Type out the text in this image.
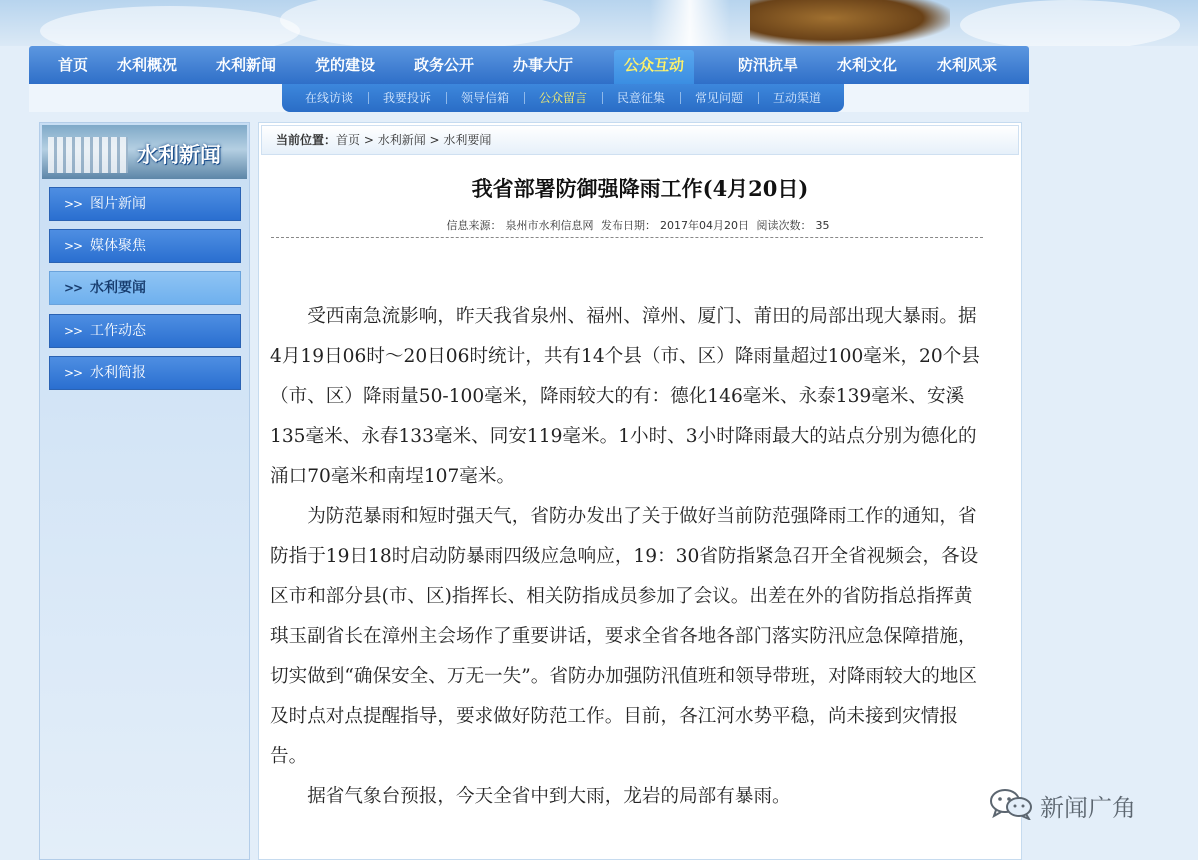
首页	水利概况	水利新闻	党的建设	政务公开	办事大厅	公众互动	防汛抗旱	水利文化	水利风采
在线访谈 我要投诉 领导信箱 公众留言 民意征集 常见问题 互动渠道
水利新闻
>> 图片新闻
>> 媒体聚焦
>> 水利要闻
>> 工作动态
>> 水利简报
当前位置：首页 > 水利新闻 > 水利要闻
我省部署防御强降雨工作(4月20日)
信息来源： 泉州市水利信息网 发布日期： 2017年04月20日 阅读次数： 35

受西南急流影响，昨天我省泉州、福州、漳州、厦门、莆田的局部出现大暴雨。据4月19日06时～20日06时统计，共有14个县（市、区）降雨量超过100毫米，20个县（市、区）降雨量50-100毫米，降雨较大的有：德化146毫米、永泰139毫米、安溪135毫米、永春133毫米、同安119毫米。1小时、3小时降雨最大的站点分别为德化的涌口70毫米和南埕107毫米。

为防范暴雨和短时强天气，省防办发出了关于做好当前防范强降雨工作的通知，省防指于19日18时启动防暴雨四级应急响应，19：30省防指紧急召开全省视频会，各设区市和部分县(市、区)指挥长、相关防指成员参加了会议。出差在外的省防指总指挥黄琪玉副省长在漳州主会场作了重要讲话，要求全省各地各部门落实防汛应急保障措施，切实做到“确保安全、万无一失”。省防办加强防汛值班和领导带班，对降雨较大的地区及时点对点提醒指导，要求做好防范工作。目前，各江河水势平稳，尚未接到灾情报告。

据省气象台预报，今天全省中到大雨，龙岩的局部有暴雨。	新闻广角
